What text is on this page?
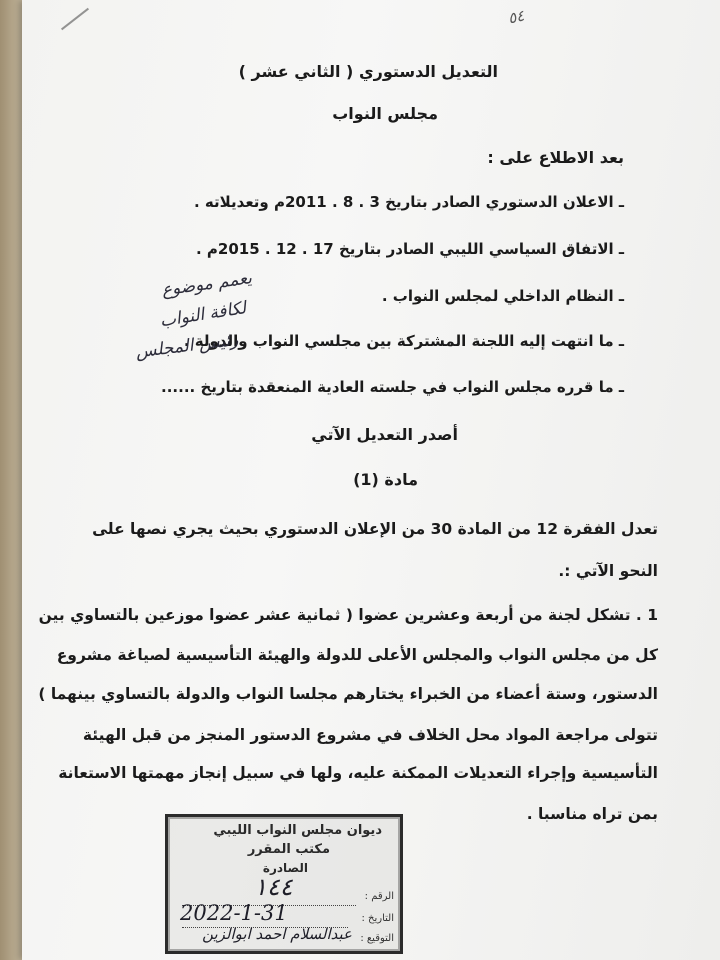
٥٤
التعديل الدستوري ( الثاني عشر )
مجلس النواب
بعد الاطلاع على :
ـ الاعلان الدستوري الصادر بتاريخ 3 . 8 . 2011م وتعديلاته .
ـ الاتفاق السياسي الليبي الصادر بتاريخ 17 . 12 . 2015م .
ـ النظام الداخلي لمجلس النواب .
ـ ما انتهت إليه اللجنة المشتركة بين مجلسي النواب والدولة .
ـ ما قرره مجلس النواب في جلسته العادية المنعقدة بتاريخ ......
أصدر التعديل الآتي
مادة (1)
تعدل الفقرة 12 من المادة 30 من الإعلان الدستوري بحيث يجري نصها على
النحو الآتي :.
1 . تشكل لجنة من أربعة وعشرين عضوا ( ثمانية عشر عضوا موزعين بالتساوي بين
كل من مجلس النواب والمجلس الأعلى للدولة والهيئة التأسيسية لصياغة مشروع
الدستور، وستة أعضاء من الخبراء يختارهم مجلسا النواب والدولة بالتساوي بينهما )
تتولى مراجعة المواد محل الخلاف في مشروع الدستور المنجز من قبل الهيئة
التأسيسية وإجراء التعديلات الممكنة عليه، ولها في سبيل إنجاز مهمتها الاستعانة
بمن تراه مناسبا .
يعمم موضوع
لكافة النواب
رئيس المجلس
ديوان مجلس النواب الليبي
مكتب المقرر
الصادرة
الرقم :
١٤٤
التاريخ :
2022-1-31
التوقيع :
عبدالسلام احمد ابوالزين
